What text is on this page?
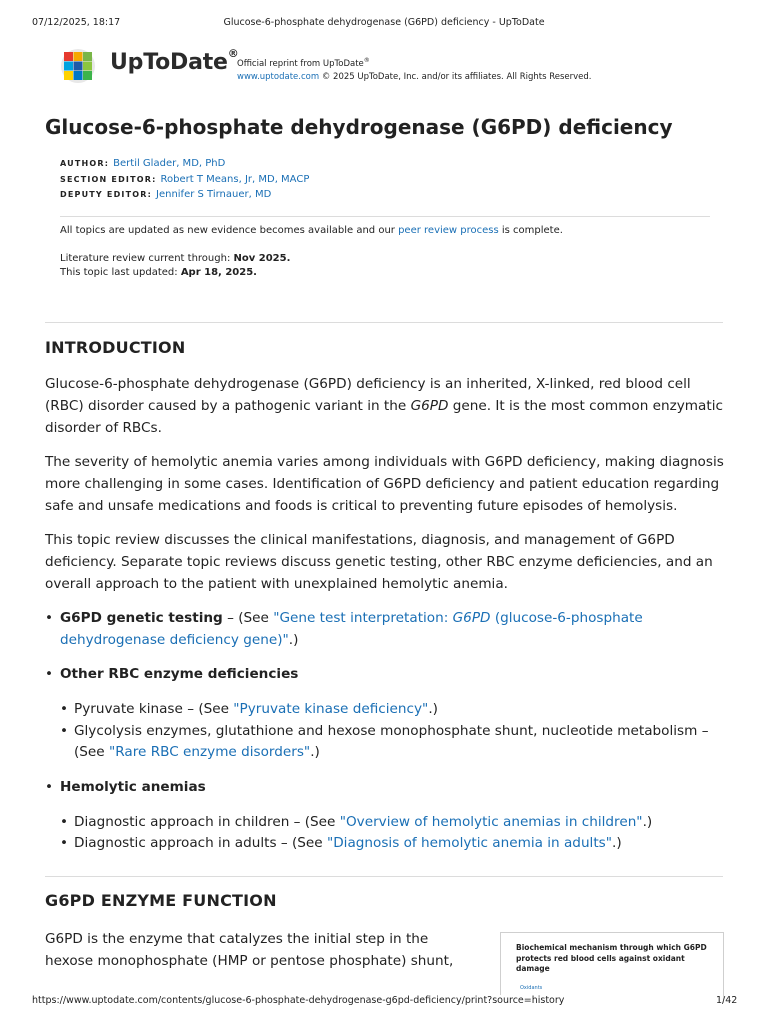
07/12/2025, 18:17	Glucose-6-phosphate dehydrogenase (G6PD) deficiency - UpToDate
UpToDate®
Official reprint from UpToDate®
www.uptodate.com © 2025 UpToDate, Inc. and/or its affiliates. All Rights Reserved.
Glucose-6-phosphate dehydrogenase (G6PD) deficiency
AUTHOR: Bertil Glader, MD, PhD
SECTION EDITOR: Robert T Means, Jr, MD, MACP
DEPUTY EDITOR: Jennifer S Tirnauer, MD
All topics are updated as new evidence becomes available and our peer review process is complete.
Literature review current through: Nov 2025.
This topic last updated: Apr 18, 2025.
INTRODUCTION
Glucose-6-phosphate dehydrogenase (G6PD) deficiency is an inherited, X-linked, red blood cell (RBC) disorder caused by a pathogenic variant in the G6PD gene. It is the most common enzymatic disorder of RBCs.
The severity of hemolytic anemia varies among individuals with G6PD deficiency, making diagnosis more challenging in some cases. Identification of G6PD deficiency and patient education regarding safe and unsafe medications and foods is critical to preventing future episodes of hemolysis.
This topic review discusses the clinical manifestations, diagnosis, and management of G6PD deficiency. Separate topic reviews discuss genetic testing, other RBC enzyme deficiencies, and an overall approach to the patient with unexplained hemolytic anemia.
• G6PD genetic testing – (See "Gene test interpretation: G6PD (glucose-6-phosphate dehydrogenase deficiency gene)".)
• Other RBC enzyme deficiencies
• Pyruvate kinase – (See "Pyruvate kinase deficiency".)
• Glycolysis enzymes, glutathione and hexose monophosphate shunt, nucleotide metabolism – (See "Rare RBC enzyme disorders".)
• Hemolytic anemias
• Diagnostic approach in children – (See "Overview of hemolytic anemias in children".)
• Diagnostic approach in adults – (See "Diagnosis of hemolytic anemia in adults".)
G6PD ENZYME FUNCTION
G6PD is the enzyme that catalyzes the initial step in the
hexose monophosphate (HMP or pentose phosphate) shunt,
Biochemical mechanism through which G6PD protects red blood cells against oxidant damage
Oxidants
https://www.uptodate.com/contents/glucose-6-phosphate-dehydrogenase-g6pd-deficiency/print?source=history	1/42
